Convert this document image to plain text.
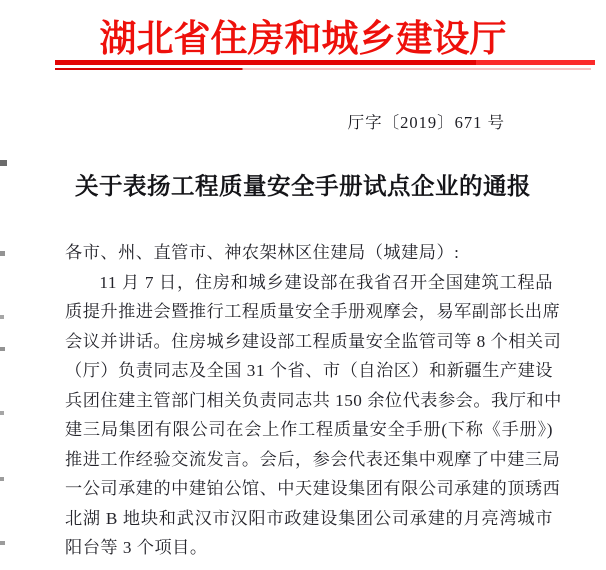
湖北省住房和城乡建设厅
厅字〔2019〕671 号
关于表扬工程质量安全手册试点企业的通报
各市、州、直管市、神农架林区住建局（城建局）:
11 月 7 日，住房和城乡建设部在我省召开全国建筑工程品
质提升推进会暨推行工程质量安全手册观摩会，易军副部长出席
会议并讲话。住房城乡建设部工程质量安全监管司等 8 个相关司
（厅）负责同志及全国 31 个省、市（自治区）和新疆生产建设
兵团住建主管部门相关负责同志共 150 余位代表参会。我厅和中
建三局集团有限公司在会上作工程质量安全手册(下称《手册》)
推进工作经验交流发言。会后，参会代表还集中观摩了中建三局
一公司承建的中建铂公馆、中天建设集团有限公司承建的顶琇西
北湖 B 地块和武汉市汉阳市政建设集团公司承建的月亮湾城市
阳台等 3 个项目。
